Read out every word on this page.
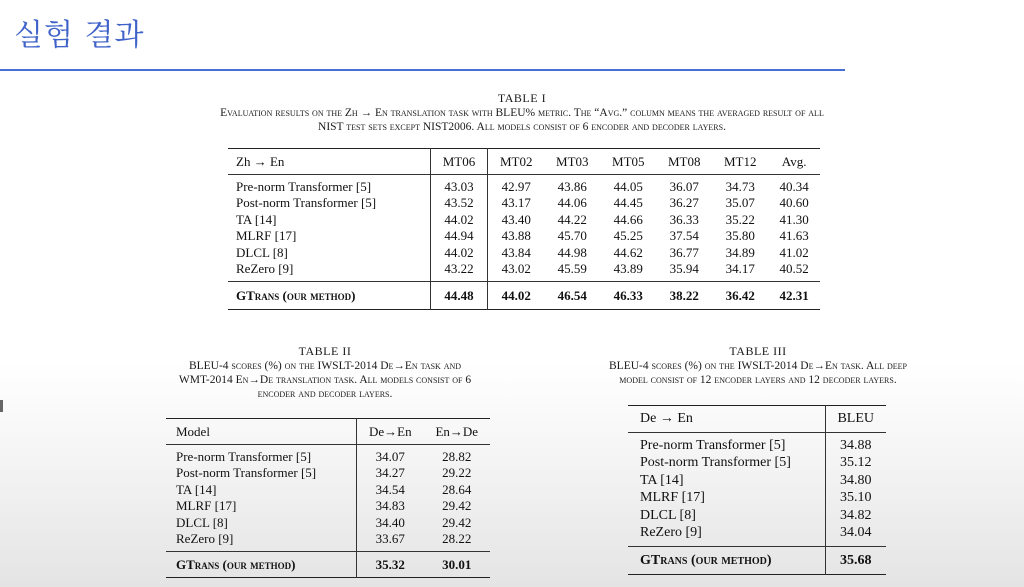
실험 결과
TABLE I
Evaluation results on the Zh → En translation task with BLEU% metric. The “Avg.” column means the averaged result of all
NIST test sets except NIST2006. All models consist of 6 encoder and decoder layers.
Zh → En	MT06	MT02	MT03	MT05	MT08	MT12	Avg.
Pre-norm Transformer [5]	43.03	42.97	43.86	44.05	36.07	34.73	40.34
Post-norm Transformer [5]	43.52	43.17	44.06	44.45	36.27	35.07	40.60
TA [14]	44.02	43.40	44.22	44.66	36.33	35.22	41.30
MLRF [17]	44.94	43.88	45.70	45.25	37.54	35.80	41.63
DLCL [8]	44.02	43.84	44.98	44.62	36.77	34.89	41.02
ReZero [9]	43.22	43.02	45.59	43.89	35.94	34.17	40.52
GTrans (our method)	44.48	44.02	46.54	46.33	38.22	36.42	42.31
TABLE II
BLEU-4 scores (%) on the IWSLT-2014 De→En task and
WMT-2014 En→De translation task. All models consist of 6
encoder and decoder layers.
Model	De→En	En→De
Pre-norm Transformer [5]	34.07	28.82
Post-norm Transformer [5]	34.27	29.22
TA [14]	34.54	28.64
MLRF [17]	34.83	29.42
DLCL [8]	34.40	29.42
ReZero [9]	33.67	28.22
GTrans (our method)	35.32	30.01
TABLE III
BLEU-4 scores (%) on the IWSLT-2014 De→En task. All deep
model consist of 12 encoder layers and 12 decoder layers.
De → En	BLEU
Pre-norm Transformer [5]	34.88
Post-norm Transformer [5]	35.12
TA [14]	34.80
MLRF [17]	35.10
DLCL [8]	34.82
ReZero [9]	34.04
GTrans (our method)	35.68
